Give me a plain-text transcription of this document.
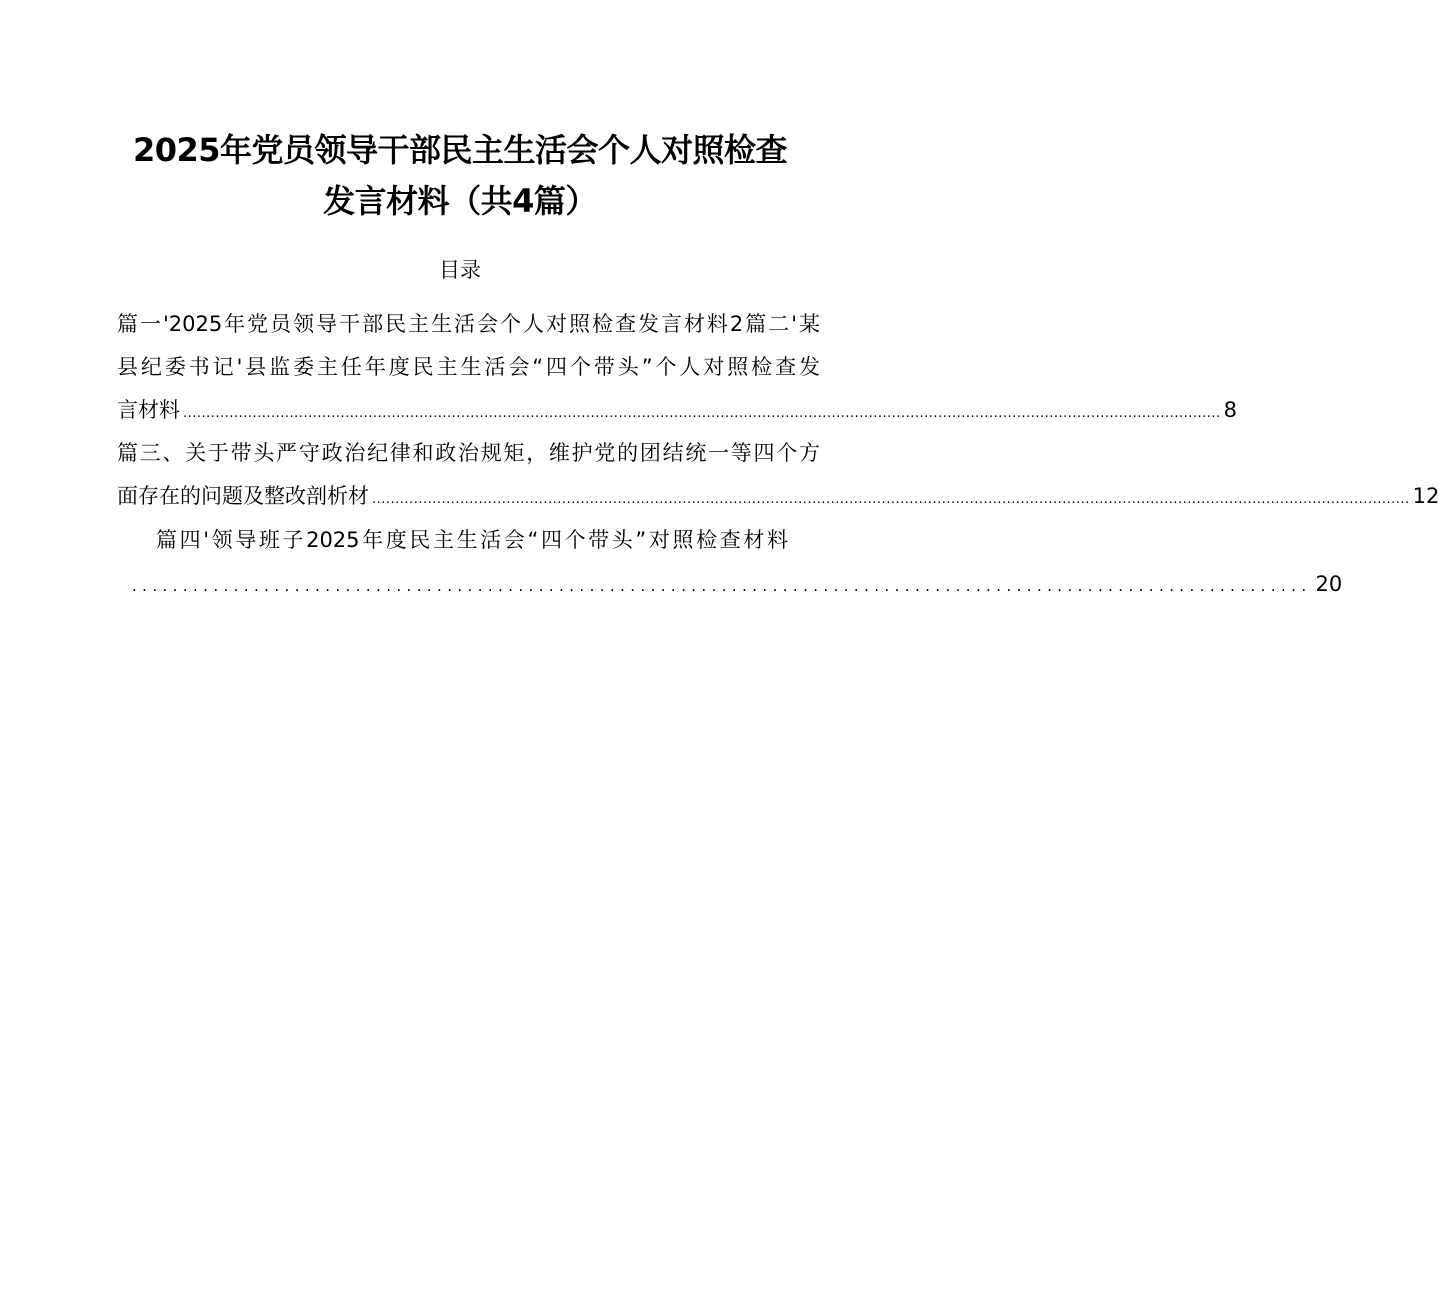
2025年党员领导干部民主生活会个人对照检查
发言材料（共4篇）
目录
篇一'2025年党员领导干部民主生活会个人对照检查发言材料2篇二'某
县纪委书记'县监委主任年度民主生活会“四个带头”个人对照检查发
言材料 ................................................................................................................................................................................................................................ 8
篇三、关于带头严守政治纪律和政治规矩，维护党的团结统一等四个方
面存在的问题及整改剖析材 ................................................................................................................................................................................................................................ 12
篇四'领导班子2025年度民主生活会“四个带头”对照检查材料
.................................................................................................................... 20
